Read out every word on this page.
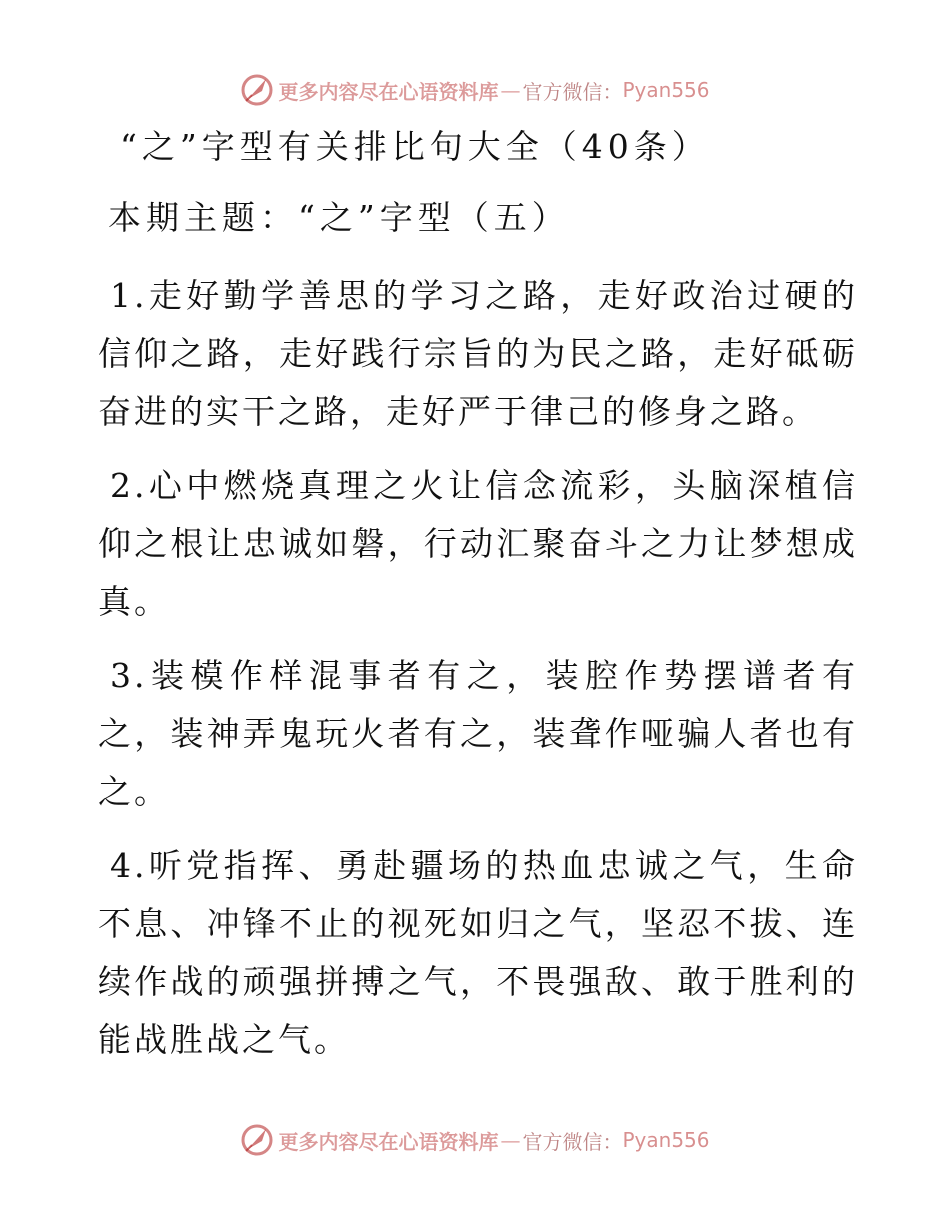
更多内容尽在心语资料库 — 官方微信： Pyan556
“之”字型有关排比句大全（40条）
本期主题：“之”字型（五）

1.走好勤学善思的学习之路，走好政治过硬的信仰之路，走好践行宗旨的为民之路，走好砥砺奋进的实干之路，走好严于律己的修身之路。

2.心中燃烧真理之火让信念流彩，头脑深植信仰之根让忠诚如磐，行动汇聚奋斗之力让梦想成真。

3.装模作样混事者有之，装腔作势摆谱者有之，装神弄鬼玩火者有之，装聋作哑骗人者也有之。

4.听党指挥、勇赴疆场的热血忠诚之气，生命不息、冲锋不止的视死如归之气，坚忍不拔、连续作战的顽强拼搏之气，不畏强敌、敢于胜利的能战胜战之气。

更多内容尽在心语资料库 — 官方微信： Pyan556
